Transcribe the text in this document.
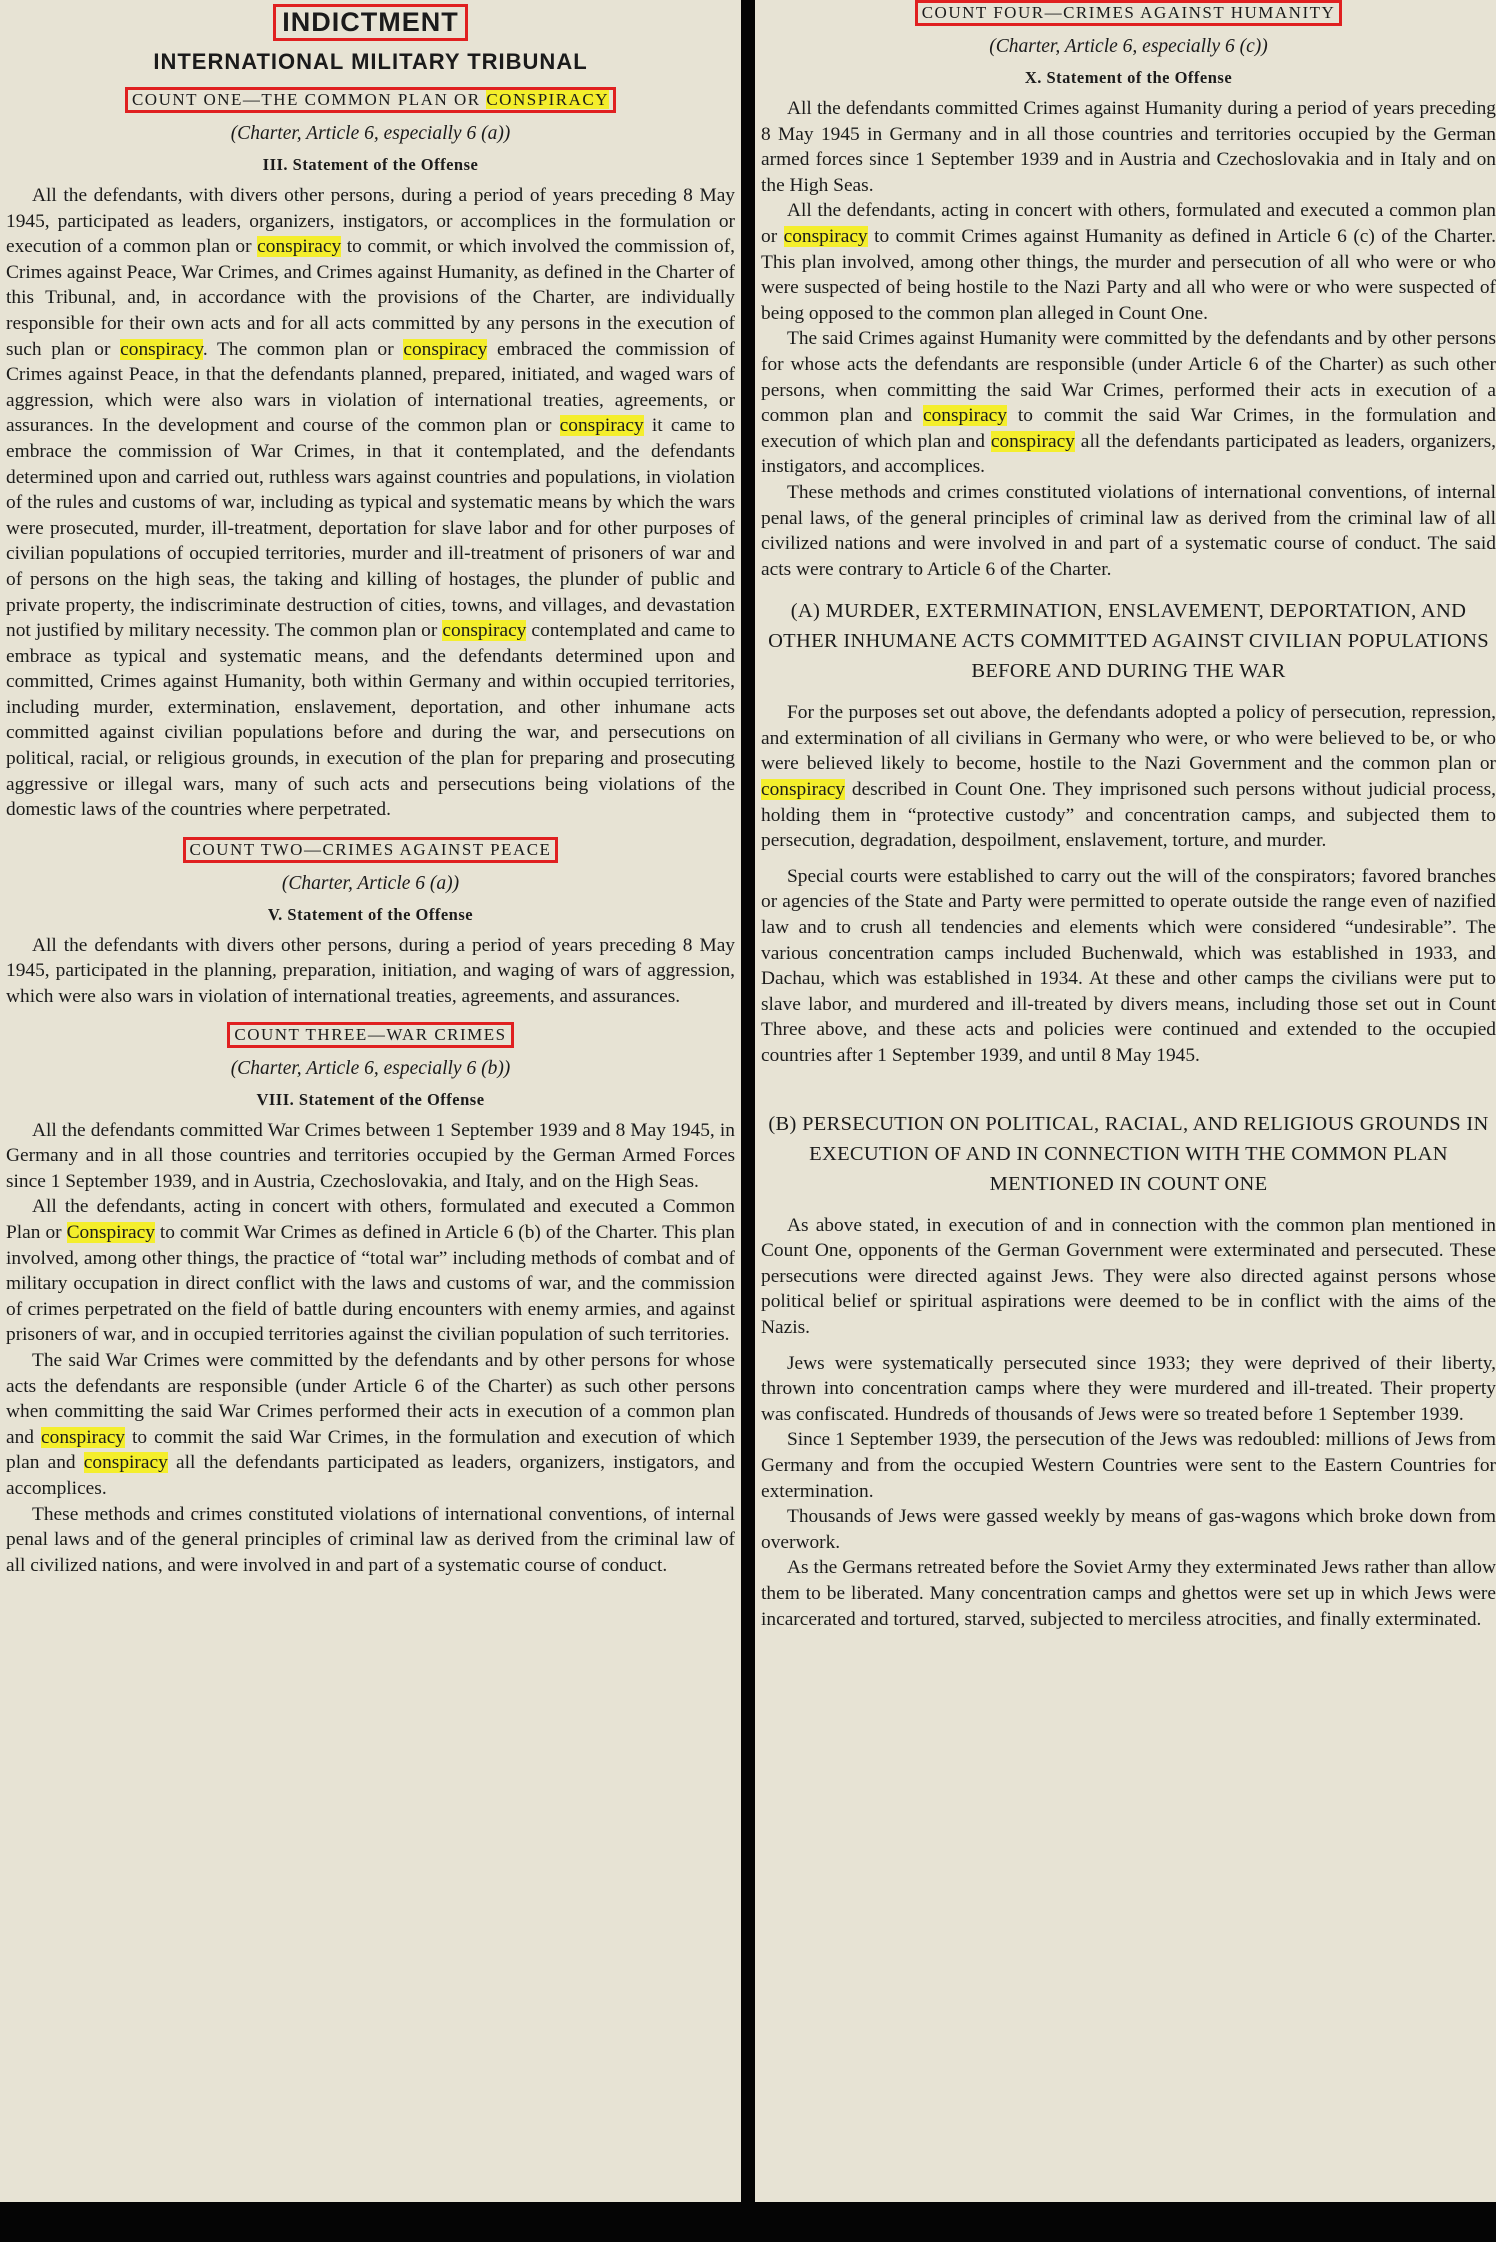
INDICTMENT
INTERNATIONAL MILITARY TRIBUNAL
COUNT ONE—THE COMMON PLAN OR CONSPIRACY
(Charter, Article 6, especially 6 (a))
III. Statement of the Offense

All the defendants, with divers other persons, during a period of years preceding 8 May 1945, participated as leaders, organizers, instigators, or accomplices in the formulation or execution of a common plan or conspiracy to commit, or which involved the commission of, Crimes against Peace, War Crimes, and Crimes against Humanity, as defined in the Charter of this Tribunal, and, in accordance with the provisions of the Charter, are individually responsible for their own acts and for all acts committed by any persons in the execution of such plan or conspiracy. The common plan or conspiracy embraced the commission of Crimes against Peace, in that the defendants planned, prepared, initiated, and waged wars of aggression, which were also wars in violation of international treaties, agreements, or assurances. In the development and course of the common plan or conspiracy it came to embrace the commission of War Crimes, in that it contemplated, and the defendants determined upon and carried out, ruthless wars against countries and populations, in violation of the rules and customs of war, including as typical and systematic means by which the wars were prosecuted, murder, ill-treatment, deportation for slave labor and for other purposes of civilian populations of occupied territories, murder and ill-treatment of prisoners of war and of persons on the high seas, the taking and killing of hostages, the plunder of public and private property, the indiscriminate destruction of cities, towns, and villages, and devastation not justified by military necessity. The common plan or conspiracy contemplated and came to embrace as typical and systematic means, and the defendants determined upon and committed, Crimes against Humanity, both within Germany and within occupied territories, including murder, extermination, enslavement, deportation, and other inhumane acts committed against civilian populations before and during the war, and persecutions on political, racial, or religious grounds, in execution of the plan for preparing and prosecuting aggressive or illegal wars, many of such acts and persecutions being violations of the domestic laws of the countries where perpetrated.

COUNT TWO—CRIMES AGAINST PEACE
(Charter, Article 6 (a))
V. Statement of the Offense

All the defendants with divers other persons, during a period of years preceding 8 May 1945, participated in the planning, preparation, initiation, and waging of wars of aggression, which were also wars in violation of international treaties, agreements, and assurances.

COUNT THREE—WAR CRIMES
(Charter, Article 6, especially 6 (b))
VIII. Statement of the Offense

All the defendants committed War Crimes between 1 September 1939 and 8 May 1945, in Germany and in all those countries and territories occupied by the German Armed Forces since 1 September 1939, and in Austria, Czechoslovakia, and Italy, and on the High Seas.

All the defendants, acting in concert with others, formulated and executed a Common Plan or Conspiracy to commit War Crimes as defined in Article 6 (b) of the Charter. This plan involved, among other things, the practice of “total war” including methods of combat and of military occupation in direct conflict with the laws and customs of war, and the commission of crimes perpetrated on the field of battle during encounters with enemy armies, and against prisoners of war, and in occupied territories against the civilian population of such territories.

The said War Crimes were committed by the defendants and by other persons for whose acts the defendants are responsible (under Article 6 of the Charter) as such other persons when committing the said War Crimes performed their acts in execution of a common plan and conspiracy to commit the said War Crimes, in the formulation and execution of which plan and conspiracy all the defendants participated as leaders, organizers, instigators, and accomplices.

These methods and crimes constituted violations of international conventions, of internal penal laws and of the general principles of criminal law as derived from the criminal law of all civilized nations, and were involved in and part of a systematic course of conduct.

COUNT FOUR—CRIMES AGAINST HUMANITY
(Charter, Article 6, especially 6 (c))
X. Statement of the Offense

All the defendants committed Crimes against Humanity during a period of years preceding 8 May 1945 in Germany and in all those countries and territories occupied by the German armed forces since 1 September 1939 and in Austria and Czechoslovakia and in Italy and on the High Seas.

All the defendants, acting in concert with others, formulated and executed a common plan or conspiracy to commit Crimes against Humanity as defined in Article 6 (c) of the Charter. This plan involved, among other things, the murder and persecution of all who were or who were suspected of being hostile to the Nazi Party and all who were or who were suspected of being opposed to the common plan alleged in Count One.

The said Crimes against Humanity were committed by the defendants and by other persons for whose acts the defendants are responsible (under Article 6 of the Charter) as such other persons, when committing the said War Crimes, performed their acts in execution of a common plan and conspiracy to commit the said War Crimes, in the formulation and execution of which plan and conspiracy all the defendants participated as leaders, organizers, instigators, and accomplices.

These methods and crimes constituted violations of international conventions, of internal penal laws, of the general principles of criminal law as derived from the criminal law of all civilized nations and were involved in and part of a systematic course of conduct. The said acts were contrary to Article 6 of the Charter.

(A) MURDER, EXTERMINATION, ENSLAVEMENT, DEPORTATION, AND OTHER INHUMANE ACTS COMMITTED AGAINST CIVILIAN POPULATIONS BEFORE AND DURING THE WAR

For the purposes set out above, the defendants adopted a policy of persecution, repression, and extermination of all civilians in Germany who were, or who were believed to be, or who were believed likely to become, hostile to the Nazi Government and the common plan or conspiracy described in Count One. They imprisoned such persons without judicial process, holding them in “protective custody” and concentration camps, and subjected them to persecution, degradation, despoilment, enslavement, torture, and murder.

Special courts were established to carry out the will of the conspirators; favored branches or agencies of the State and Party were permitted to operate outside the range even of nazified law and to crush all tendencies and elements which were considered “undesirable”. The various concentration camps included Buchenwald, which was established in 1933, and Dachau, which was established in 1934. At these and other camps the civilians were put to slave labor, and murdered and ill-treated by divers means, including those set out in Count Three above, and these acts and policies were continued and extended to the occupied countries after 1 September 1939, and until 8 May 1945.

(B) PERSECUTION ON POLITICAL, RACIAL, AND RELIGIOUS GROUNDS IN EXECUTION OF AND IN CONNECTION WITH THE COMMON PLAN MENTIONED IN COUNT ONE

As above stated, in execution of and in connection with the common plan mentioned in Count One, opponents of the German Government were exterminated and persecuted. These persecutions were directed against Jews. They were also directed against persons whose political belief or spiritual aspirations were deemed to be in conflict with the aims of the Nazis.

Jews were systematically persecuted since 1933; they were deprived of their liberty, thrown into concentration camps where they were murdered and ill-treated. Their property was confiscated. Hundreds of thousands of Jews were so treated before 1 September 1939.

Since 1 September 1939, the persecution of the Jews was redoubled: millions of Jews from Germany and from the occupied Western Countries were sent to the Eastern Countries for extermination.

Thousands of Jews were gassed weekly by means of gas-wagons which broke down from overwork.

As the Germans retreated before the Soviet Army they exterminated Jews rather than allow them to be liberated. Many concentration camps and ghettos were set up in which Jews were incarcerated and tortured, starved, subjected to merciless atrocities, and finally exterminated.
